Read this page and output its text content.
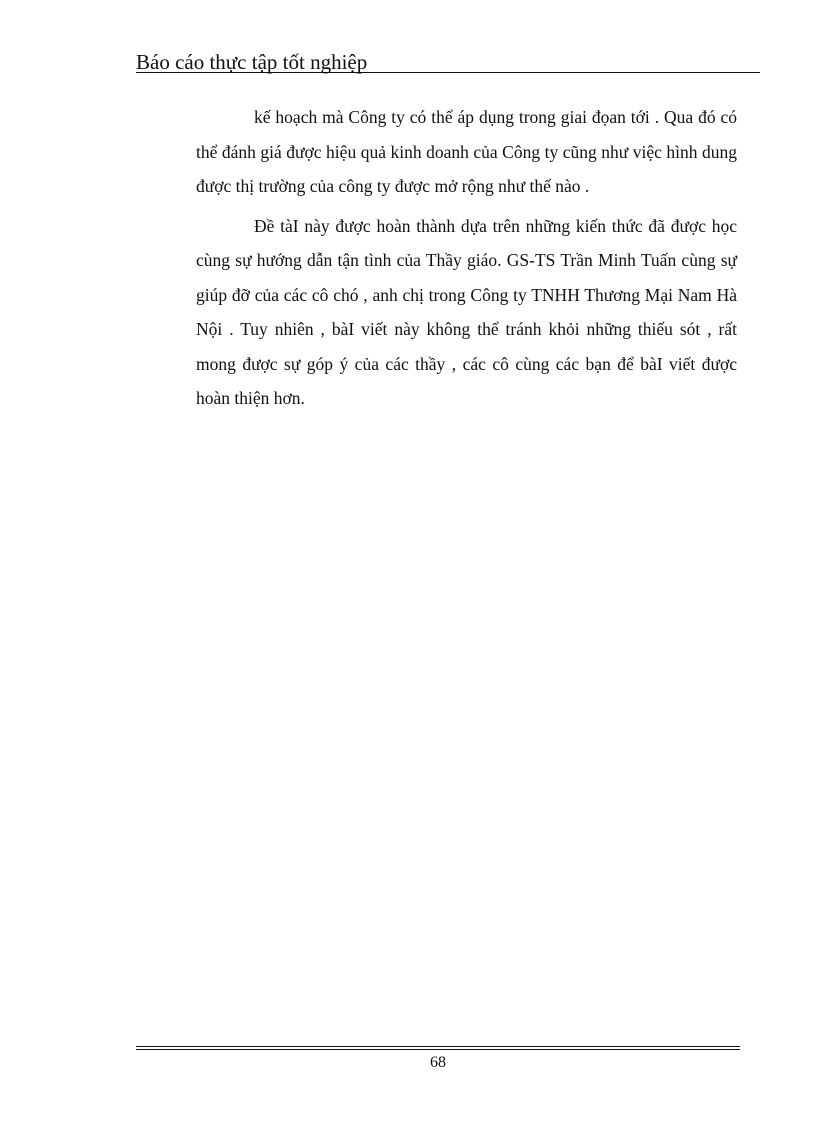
Báo cáo thực tập tốt nghiệp

kế hoạch mà Công ty có thể áp dụng trong giai đọan tới . Qua đó có thể đánh giá được hiệu quả kinh doanh của Công ty cũng như việc hình dung được thị trường của công ty được mở rộng như thế nào .

Đề tàI này được hoàn thành dựa trên những kiến thức đã được học cùng sự hướng dẫn tận tình của Thầy giáo. GS-TS Trần Minh Tuấn cùng sự giúp đỡ của các cô chó , anh chị trong Công ty TNHH Thương Mại Nam Hà Nội . Tuy nhiên , bàI viết này không thể tránh khỏi những thiếu sót , rất mong được sự góp ý của các thầy , các cô cùng các bạn để bàI viết được hoàn thiện hơn.

68
